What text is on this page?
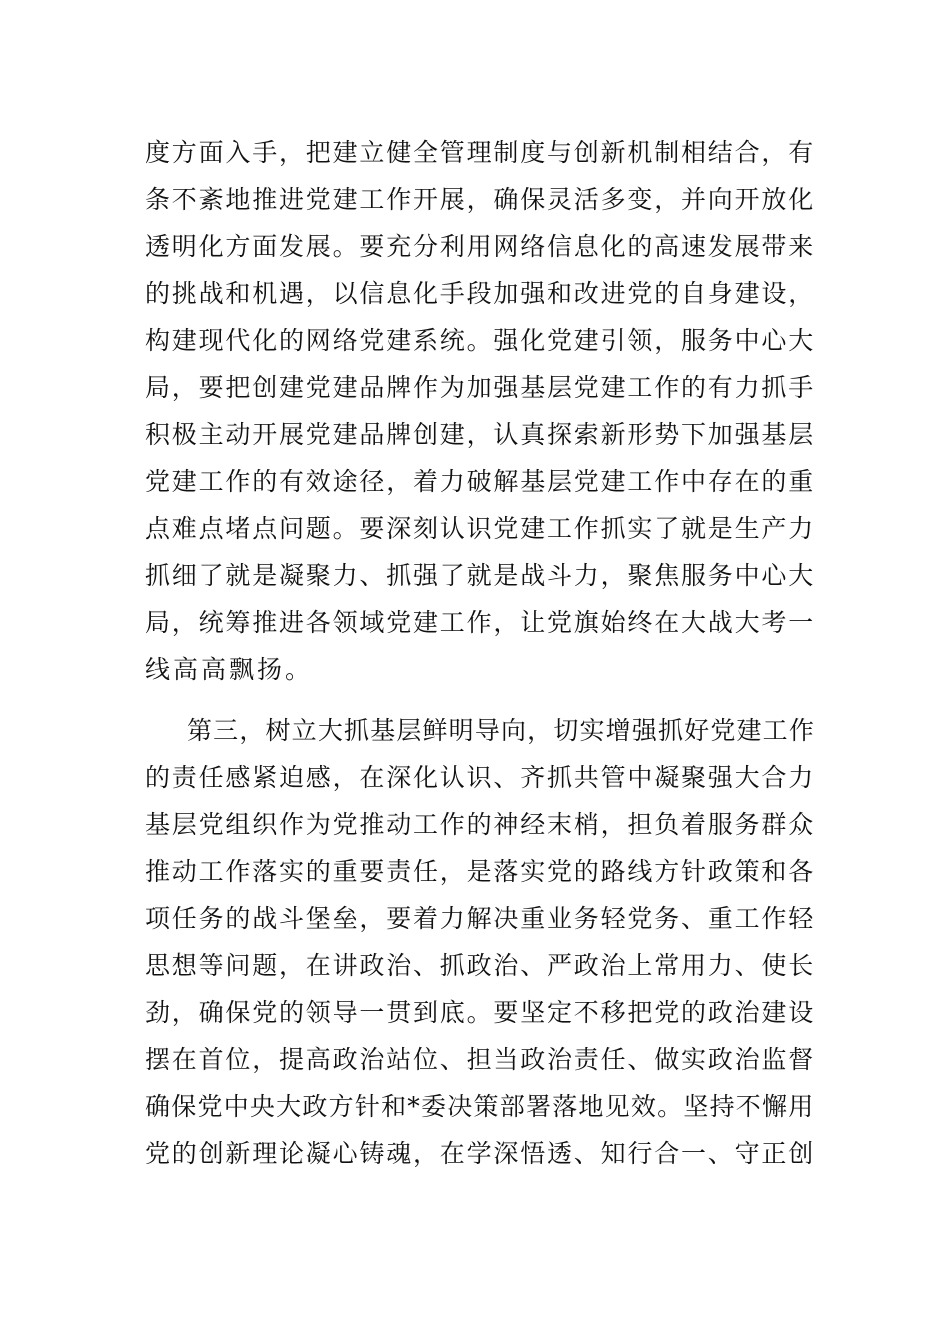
度方面入手，把建立健全管理制度与创新机制相结合，有
条不紊地推进党建工作开展，确保灵活多变，并向开放化
透明化方面发展。要充分利用网络信息化的高速发展带来
的挑战和机遇，以信息化手段加强和改进党的自身建设，
构建现代化的网络党建系统。强化党建引领，服务中心大
局，要把创建党建品牌作为加强基层党建工作的有力抓手
积极主动开展党建品牌创建，认真探索新形势下加强基层
党建工作的有效途径，着力破解基层党建工作中存在的重
点难点堵点问题。要深刻认识党建工作抓实了就是生产力
抓细了就是凝聚力、抓强了就是战斗力，聚焦服务中心大
局，统筹推进各领域党建工作，让党旗始终在大战大考一
线高高飘扬。
第三，树立大抓基层鲜明导向，切实增强抓好党建工作
的责任感紧迫感，在深化认识、齐抓共管中凝聚强大合力
基层党组织作为党推动工作的神经末梢，担负着服务群众
推动工作落实的重要责任，是落实党的路线方针政策和各
项任务的战斗堡垒，要着力解决重业务轻党务、重工作轻
思想等问题，在讲政治、抓政治、严政治上常用力、使长
劲，确保党的领导一贯到底。要坚定不移把党的政治建设
摆在首位，提高政治站位、担当政治责任、做实政治监督
确保党中央大政方针和*委决策部署落地见效。坚持不懈用
党的创新理论凝心铸魂，在学深悟透、知行合一、守正创
